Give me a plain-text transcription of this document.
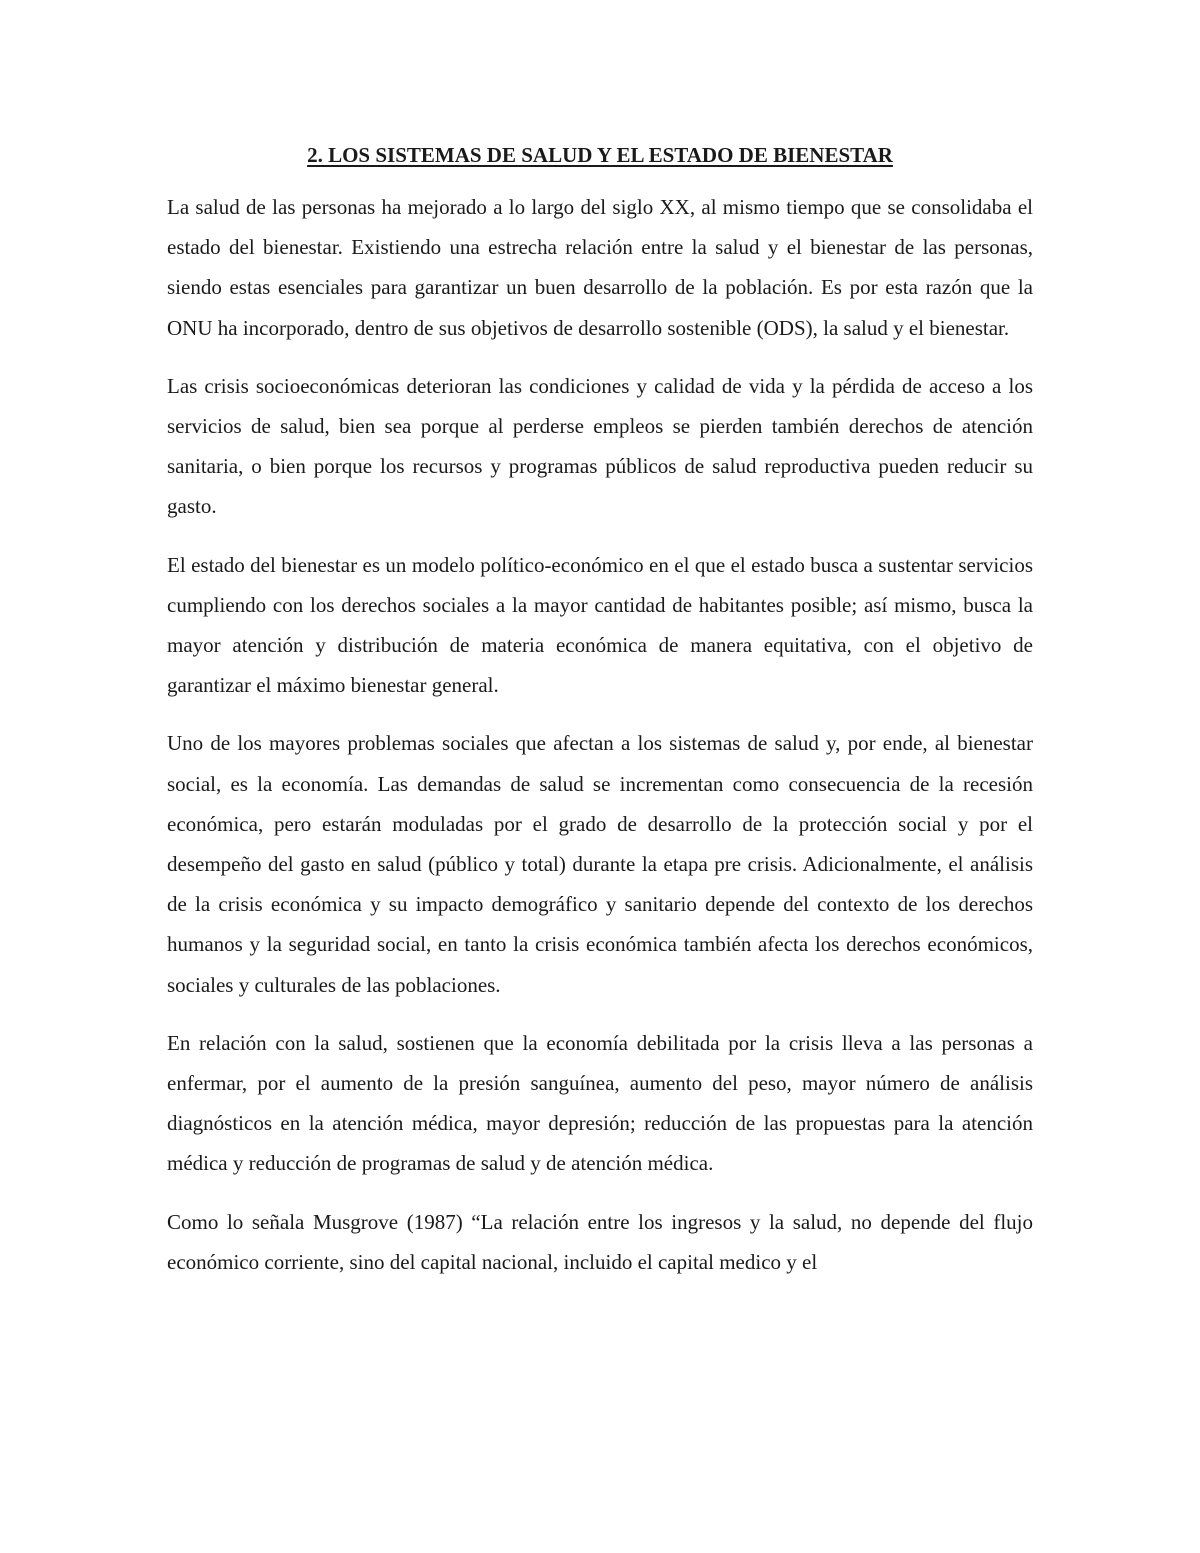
2. LOS SISTEMAS DE SALUD Y EL ESTADO DE BIENESTAR

La salud de las personas ha mejorado a lo largo del siglo XX, al mismo tiempo que se consolidaba el estado del bienestar. Existiendo una estrecha relación entre la salud y el bienestar de las personas, siendo estas esenciales para garantizar un buen desarrollo de la población. Es por esta razón que la ONU ha incorporado, dentro de sus objetivos de desarrollo sostenible (ODS), la salud y el bienestar.

Las crisis socioeconómicas deterioran las condiciones y calidad de vida y la pérdida de acceso a los servicios de salud, bien sea porque al perderse empleos se pierden también derechos de atención sanitaria, o bien porque los recursos y programas públicos de salud reproductiva pueden reducir su gasto.

El estado del bienestar es un modelo político-económico en el que el estado busca a sustentar servicios cumpliendo con los derechos sociales a la mayor cantidad de habitantes posible; así mismo, busca la mayor atención y distribución de materia económica de manera equitativa, con el objetivo de garantizar el máximo bienestar general.

Uno de los mayores problemas sociales que afectan a los sistemas de salud y, por ende, al bienestar social, es la economía. Las demandas de salud se incrementan como consecuencia de la recesión económica, pero estarán moduladas por el grado de desarrollo de la protección social y por el desempeño del gasto en salud (público y total) durante la etapa pre crisis. Adicionalmente, el análisis de la crisis económica y su impacto demográfico y sanitario depende del contexto de los derechos humanos y la seguridad social, en tanto la crisis económica también afecta los derechos económicos, sociales y culturales de las poblaciones.

En relación con la salud, sostienen que la economía debilitada por la crisis lleva a las personas a enfermar, por el aumento de la presión sanguínea, aumento del peso, mayor número de análisis diagnósticos en la atención médica, mayor depresión; reducción de las propuestas para la atención médica y reducción de programas de salud y de atención médica.

Como lo señala Musgrove (1987) “La relación entre los ingresos y la salud, no depende del flujo económico corriente, sino del capital nacional, incluido el capital medico y el
